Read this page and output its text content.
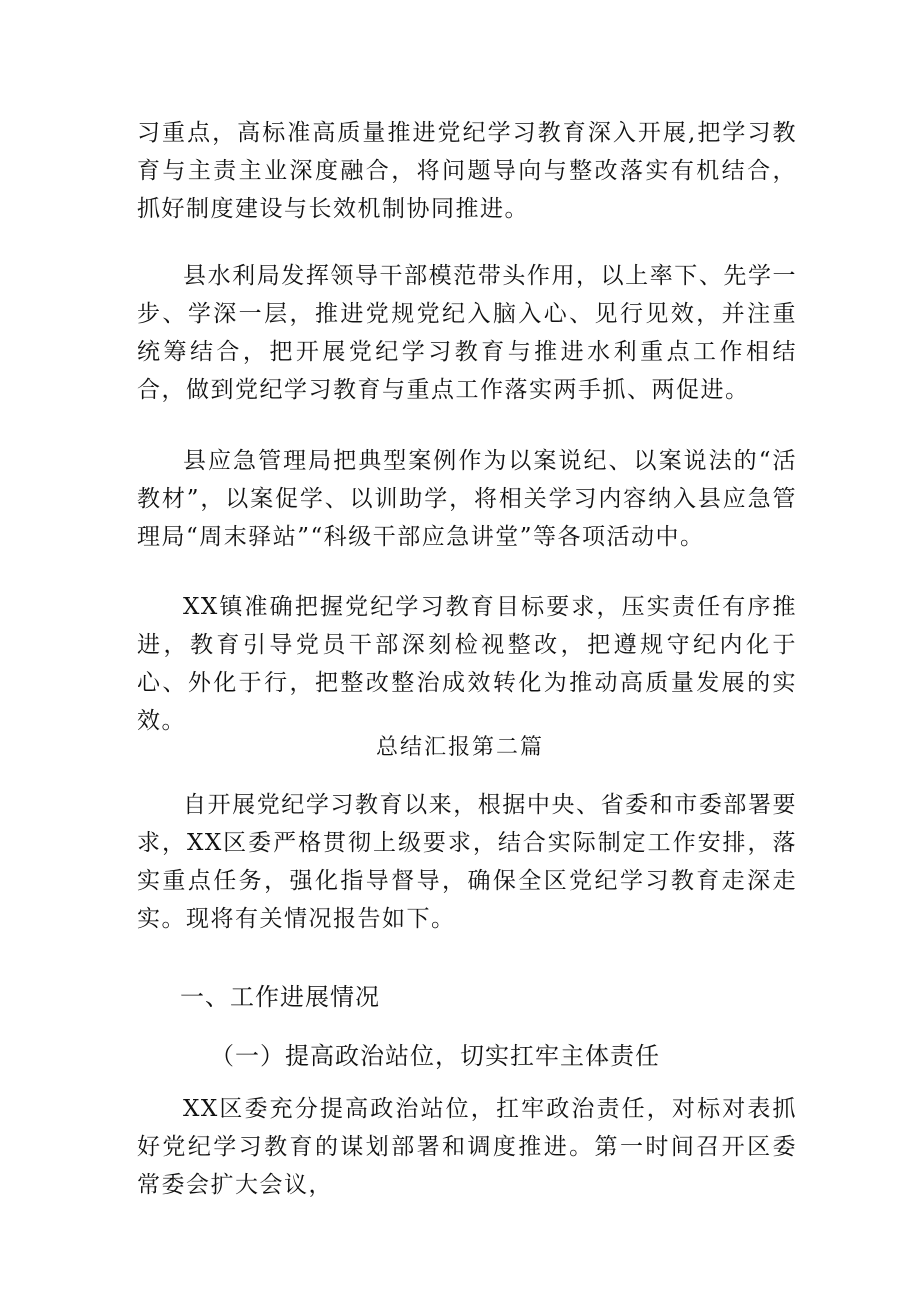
习重点，高标准高质量推进党纪学习教育深入开展,把学习教育与主责主业深度融合，将问题导向与整改落实有机结合，抓好制度建设与长效机制协同推进。

县水利局发挥领导干部模范带头作用，以上率下、先学一步、学深一层，推进党规党纪入脑入心、见行见效，并注重统筹结合，把开展党纪学习教育与推进水利重点工作相结合，做到党纪学习教育与重点工作落实两手抓、两促进。

县应急管理局把典型案例作为以案说纪、以案说法的“活教材”，以案促学、以训助学，将相关学习内容纳入县应急管理局“周末驿站”“科级干部应急讲堂”等各项活动中。

XX镇准确把握党纪学习教育目标要求，压实责任有序推进，教育引导党员干部深刻检视整改，把遵规守纪内化于心、外化于行，把整改整治成效转化为推动高质量发展的实效。

总结汇报第二篇

自开展党纪学习教育以来，根据中央、省委和市委部署要求，XX区委严格贯彻上级要求，结合实际制定工作安排，落实重点任务，强化指导督导，确保全区党纪学习教育走深走实。现将有关情况报告如下。

一、工作进展情况
（一）提高政治站位，切实扛牢主体责任

XX区委充分提高政治站位，扛牢政治责任，对标对表抓好党纪学习教育的谋划部署和调度推进。第一时间召开区委常委会扩大会议，
